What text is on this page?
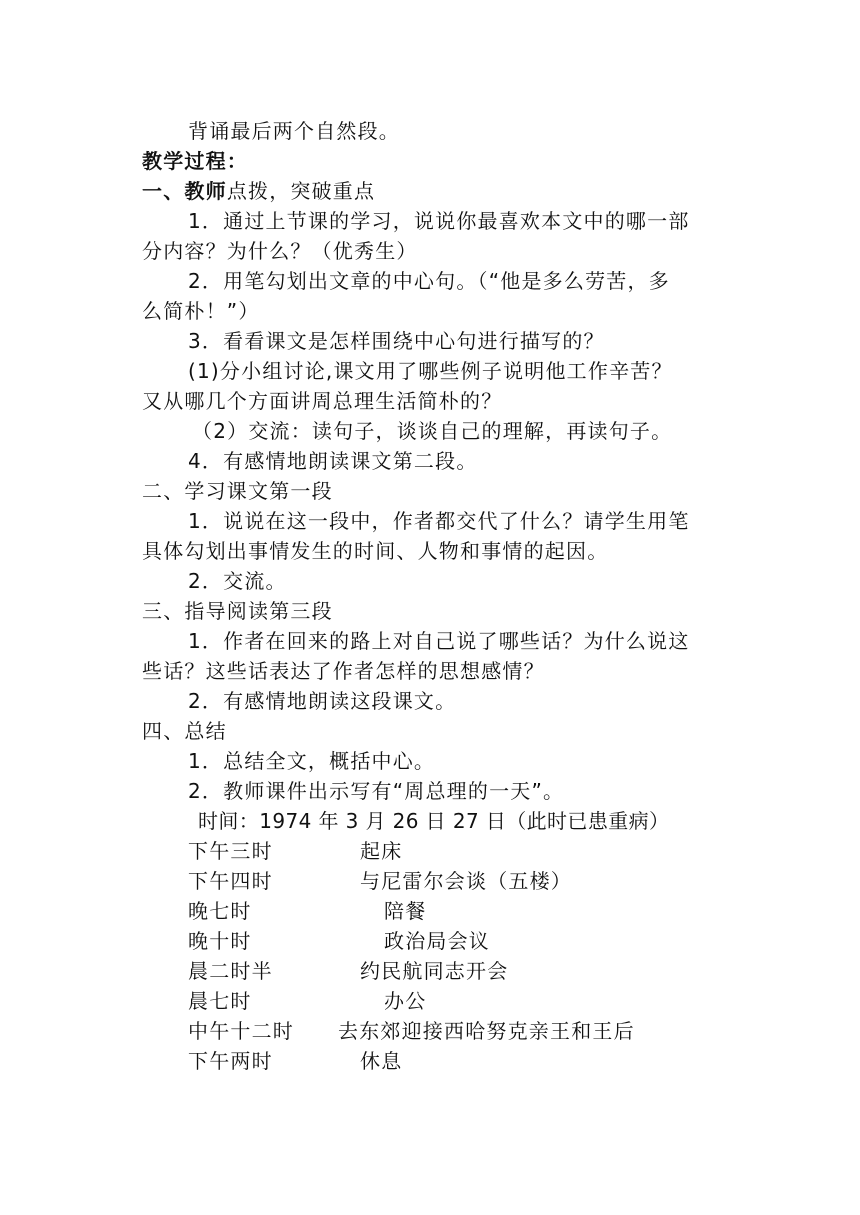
背诵最后两个自然段。
教学过程：
一、教师点拨，突破重点
1．通过上节课的学习，说说你最喜欢本文中的哪一部
分内容？为什么？（优秀生）
2．用笔勾划出文章的中心句。（“他是多么劳苦，多
么简朴！”）
3．看看课文是怎样围绕中心句进行描写的？
(1)分小组讨论,课文用了哪些例子说明他工作辛苦？
又从哪几个方面讲周总理生活简朴的？
（2）交流：读句子，谈谈自己的理解，再读句子。
4．有感情地朗读课文第二段。
二、学习课文第一段
1．说说在这一段中，作者都交代了什么？请学生用笔
具体勾划出事情发生的时间、人物和事情的起因。
2．交流。
三、指导阅读第三段
1．作者在回来的路上对自己说了哪些话？为什么说这
些话？这些话表达了作者怎样的思想感情？
2．有感情地朗读这段课文。
四、总结
1．总结全文，概括中心。
2．教师课件出示写有“周总理的一天”。
时间：1974 年 3 月 26 日 27 日（此时已患重病）
下午三时	起床
下午四时	与尼雷尔会谈（五楼）
晚七时	陪餐
晚十时	政治局会议
晨二时半	约民航同志开会
晨七时	办公
中午十二时 去东郊迎接西哈努克亲王和王后
下午两时	休息
